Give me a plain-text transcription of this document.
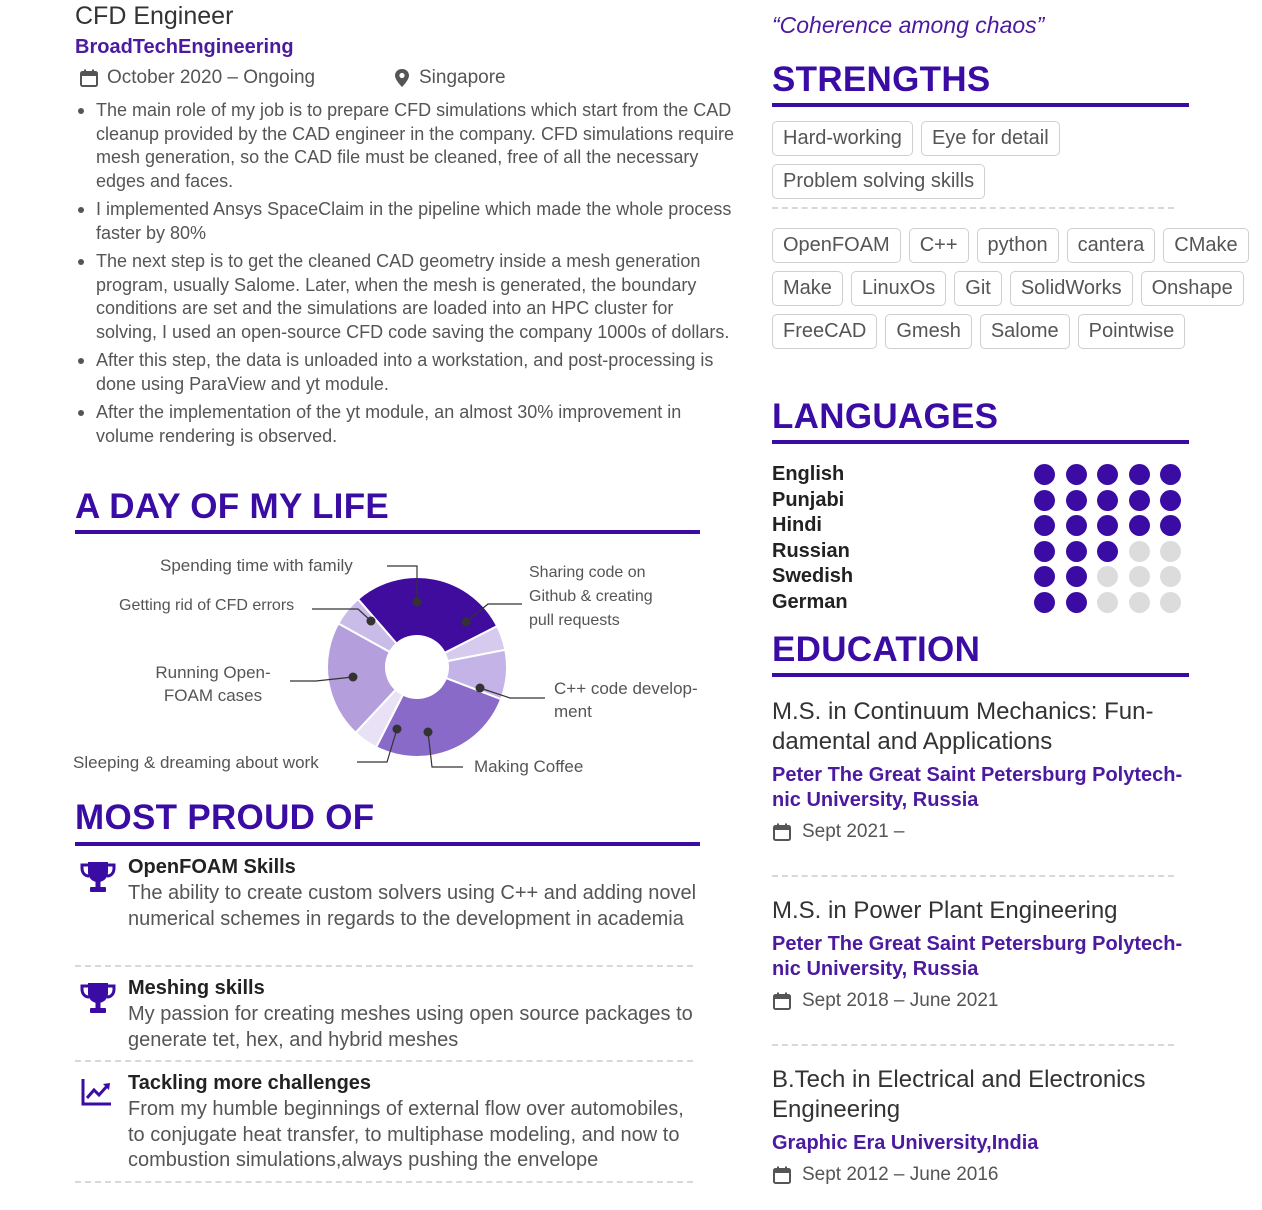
CFD Engineer
BroadTechEngineering
October 2020 – Ongoing	Singapore
The main role of my job is to prepare CFD simulations which start from the CAD cleanup provided by the CAD engineer in the company. CFD simulations require mesh generation, so the CAD file must be cleaned, free of all the necessary edges and faces.
I implemented Ansys SpaceClaim in the pipeline which made the whole process faster by 80%
The next step is to get the cleaned CAD geometry inside a mesh generation program, usually Salome. Later, when the mesh is generated, the boundary conditions are set and the simulations are loaded into an HPC cluster for solving, I used an open-source CFD code saving the company 1000s of dollars.
After this step, the data is unloaded into a workstation, and post-processing is done using ParaView and yt module.
After the implementation of the yt module, an almost 30% improvement in volume rendering is observed.
A DAY OF MY LIFE
Spending time with family
Getting rid of CFD errors
Running Open-
FOAM cases
Sleeping & dreaming about work
Sharing code on
Github & creating
pull requests
C++ code develop-
ment
Making Coffee
MOST PROUD OF
OpenFOAM Skills
The ability to create custom solvers using C++ and adding novel numerical schemes in regards to the development in academia
Meshing skills
My passion for creating meshes using open source packages to generate tet, hex, and hybrid meshes
Tackling more challenges
From my humble beginnings of external flow over automobiles, to conjugate heat transfer, to multiphase modeling, and now to combustion simulations,always pushing the envelope
“Coherence among chaos”
STRENGTHS
Hard-working	Eye for detail
Problem solving skills
OpenFOAM	C++	python	cantera	CMake
Make	LinuxOs	Git	SolidWorks	Onshape
FreeCAD	Gmesh	Salome	Pointwise
LANGUAGES
English
Punjabi
Hindi
Russian
Swedish
German
EDUCATION
M.S. in Continuum Mechanics: Fun-
damental and Applications
Peter The Great Saint Petersburg Polytech-
nic University, Russia
Sept 2021 –
M.S. in Power Plant Engineering
Peter The Great Saint Petersburg Polytech-
nic University, Russia
Sept 2018 – June 2021
B.Tech in Electrical and Electronics
Engineering
Graphic Era University,India
Sept 2012 – June 2016
